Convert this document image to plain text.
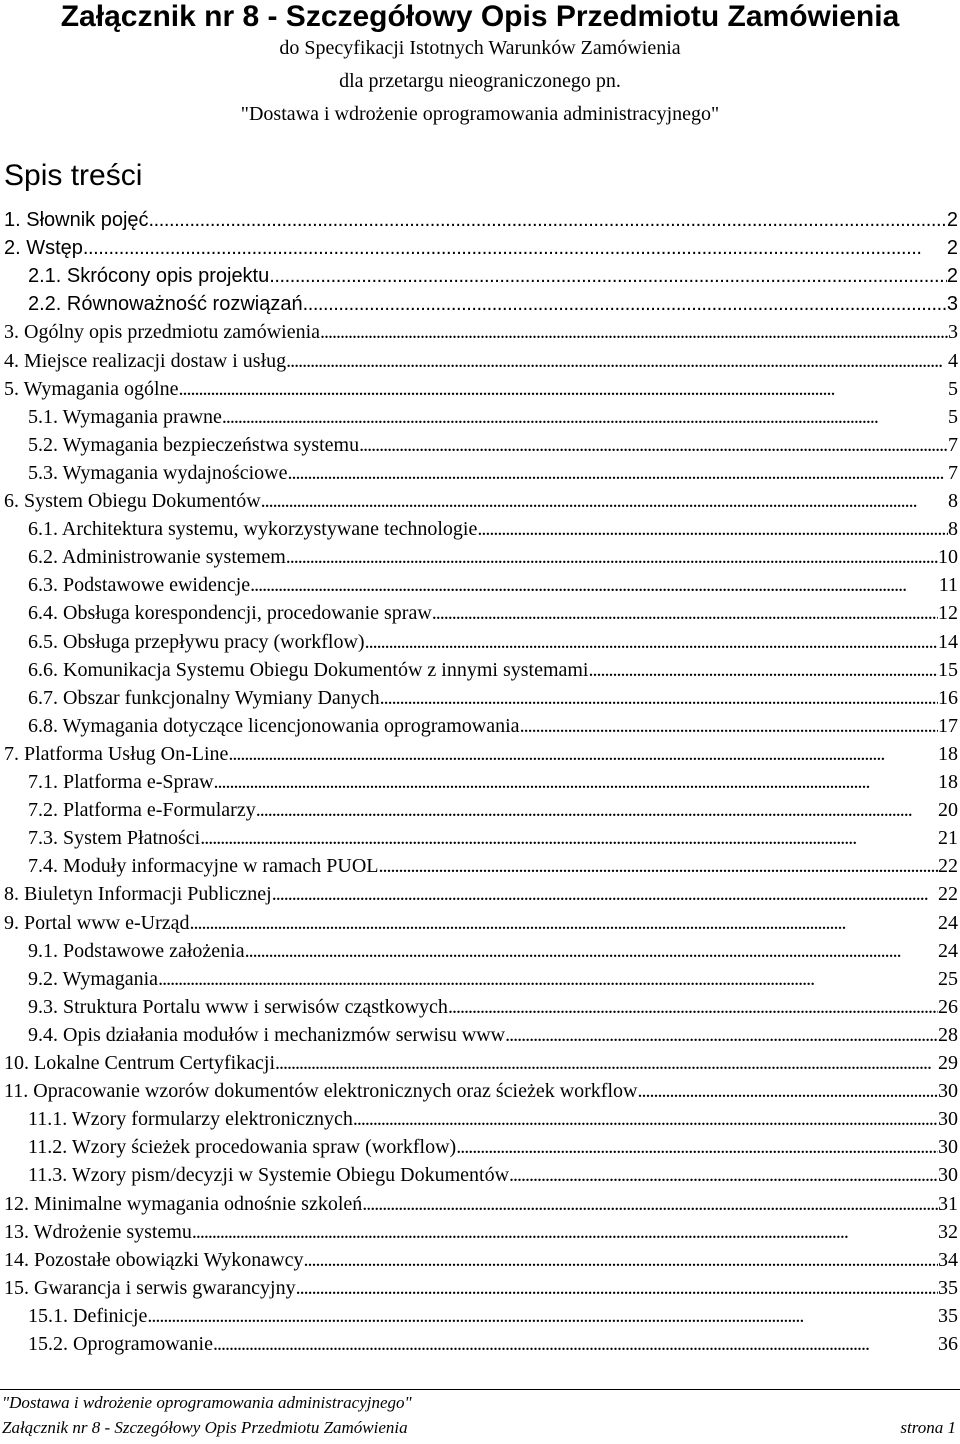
Załącznik nr 8 - Szczegółowy Opis Przedmiotu Zamówienia
do Specyfikacji Istotnych Warunków Zamówienia
dla przetargu nieograniczonego pn.
"Dostawa i wdrożenie oprogramowania administracyjnego"
Spis treści
1. Słownik pojęć . . .	2
2. Wstęp . . .	2
2.1. Skrócony opis projektu . . .	2
2.2. Równoważność rozwiązań . . .	3
3. Ogólny opis przedmiotu zamówienia . . .	3
4. Miejsce realizacji dostaw i usług . . .	4
5. Wymagania ogólne . . .	5
5.1. Wymagania prawne . . .	5
5.2. Wymagania bezpieczeństwa systemu . . .	7
5.3. Wymagania wydajnościowe . . .	7
6. System Obiegu Dokumentów . . .	8
6.1. Architektura systemu, wykorzystywane technologie . . .	8
6.2. Administrowanie systemem . . .	10
6.3. Podstawowe ewidencje . . .	11
6.4. Obsługa korespondencji, procedowanie spraw . . .	12
6.5. Obsługa przepływu pracy (workflow) . . .	14
6.6. Komunikacja Systemu Obiegu Dokumentów z innymi systemami . . .	15
6.7. Obszar funkcjonalny Wymiany Danych . . .	16
6.8. Wymagania dotyczące licencjonowania oprogramowania . . .	17
7. Platforma Usług On-Line . . .	18
7.1. Platforma e-Spraw . . .	18
7.2. Platforma e-Formularzy . . .	20
7.3. System Płatności . . .	21
7.4. Moduły informacyjne w ramach PUOL . . .	22
8. Biuletyn Informacji Publicznej . . .	22
9. Portal www e-Urząd . . .	24
9.1. Podstawowe założenia . . .	24
9.2. Wymagania . . .	25
9.3. Struktura Portalu www i serwisów cząstkowych . . .	26
9.4. Opis działania modułów i mechanizmów serwisu www . . .	28
10. Lokalne Centrum Certyfikacji . . .	29
11. Opracowanie wzorów dokumentów elektronicznych oraz ścieżek workflow . . .	30
11.1. Wzory formularzy elektronicznych . . .	30
11.2. Wzory ścieżek procedowania spraw (workflow) . . .	30
11.3. Wzory pism/decyzji w Systemie Obiegu Dokumentów . . .	30
12. Minimalne wymagania odnośnie szkoleń . . .	31
13. Wdrożenie systemu . . .	32
14. Pozostałe obowiązki Wykonawcy . . .	34
15. Gwarancja i serwis gwarancyjny . . .	35
15.1. Definicje . . .	35
15.2. Oprogramowanie . . .	36
"Dostawa i wdrożenie oprogramowania administracyjnego"
Załącznik nr 8 - Szczegółowy Opis Przedmiotu Zamówienia	strona 1
